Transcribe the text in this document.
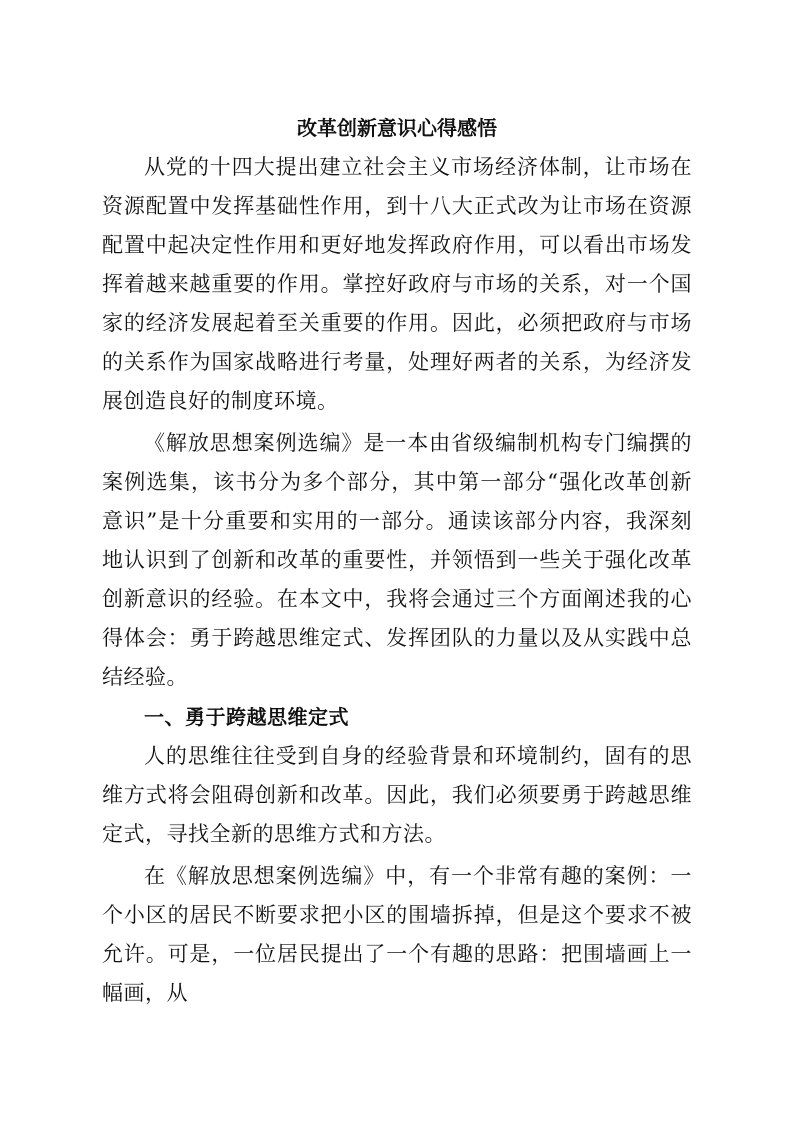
改革创新意识心得感悟

从党的十四大提出建立社会主义市场经济体制，让市场在资源配置中发挥基础性作用，到十八大正式改为让市场在资源配置中起决定性作用和更好地发挥政府作用，可以看出市场发挥着越来越重要的作用。掌控好政府与市场的关系，对一个国家的经济发展起着至关重要的作用。因此，必须把政府与市场的关系作为国家战略进行考量，处理好两者的关系，为经济发展创造良好的制度环境。

《解放思想案例选编》是一本由省级编制机构专门编撰的案例选集，该书分为多个部分，其中第一部分“强化改革创新意识”是十分重要和实用的一部分。通读该部分内容，我深刻地认识到了创新和改革的重要性，并领悟到一些关于强化改革创新意识的经验。在本文中，我将会通过三个方面阐述我的心得体会：勇于跨越思维定式、发挥团队的力量以及从实践中总结经验。

一、勇于跨越思维定式

人的思维往往受到自身的经验背景和环境制约，固有的思维方式将会阻碍创新和改革。因此，我们必须要勇于跨越思维定式，寻找全新的思维方式和方法。

在《解放思想案例选编》中，有一个非常有趣的案例：一个小区的居民不断要求把小区的围墙拆掉，但是这个要求不被允许。可是，一位居民提出了一个有趣的思路：把围墙画上一幅画，从
